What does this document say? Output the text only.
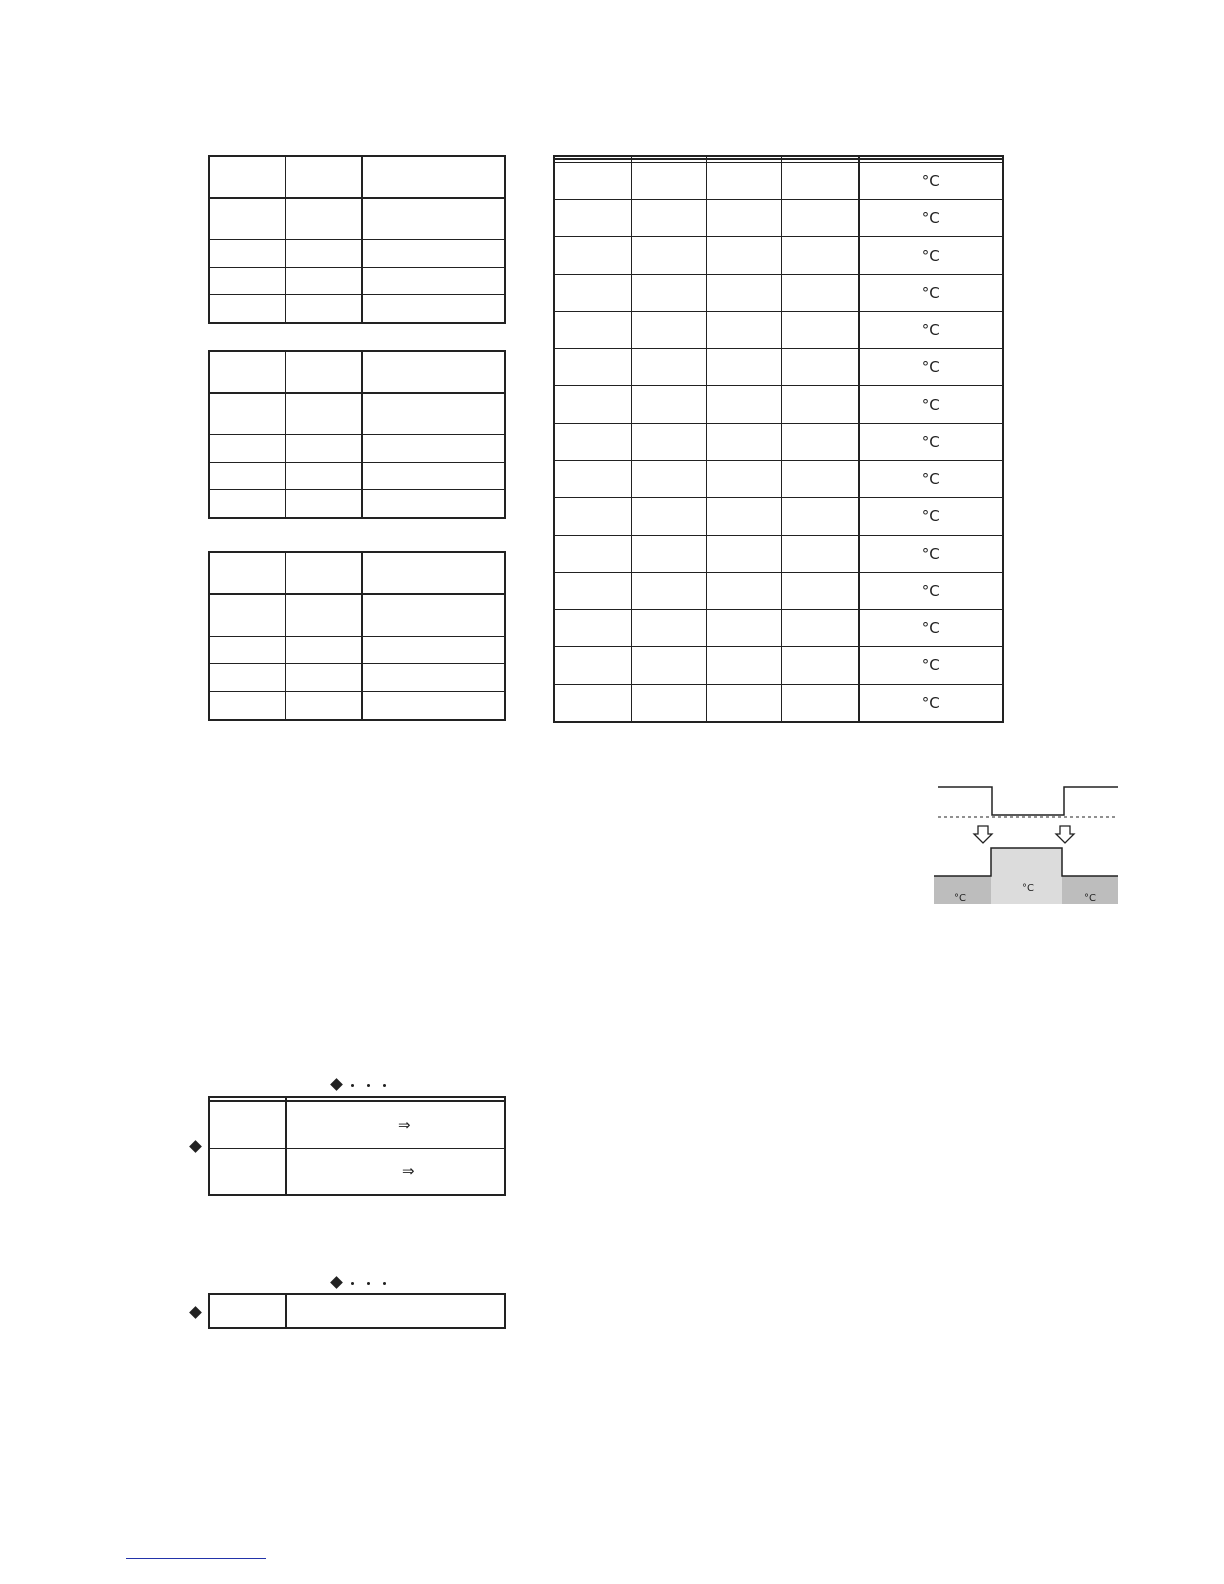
				°C
				°C
				°C
				°C
				°C
				°C
				°C
				°C
				°C
				°C
				°C
				°C
				°C
				°C
				°C
°C
°C
°C

	⇒
	⇒
